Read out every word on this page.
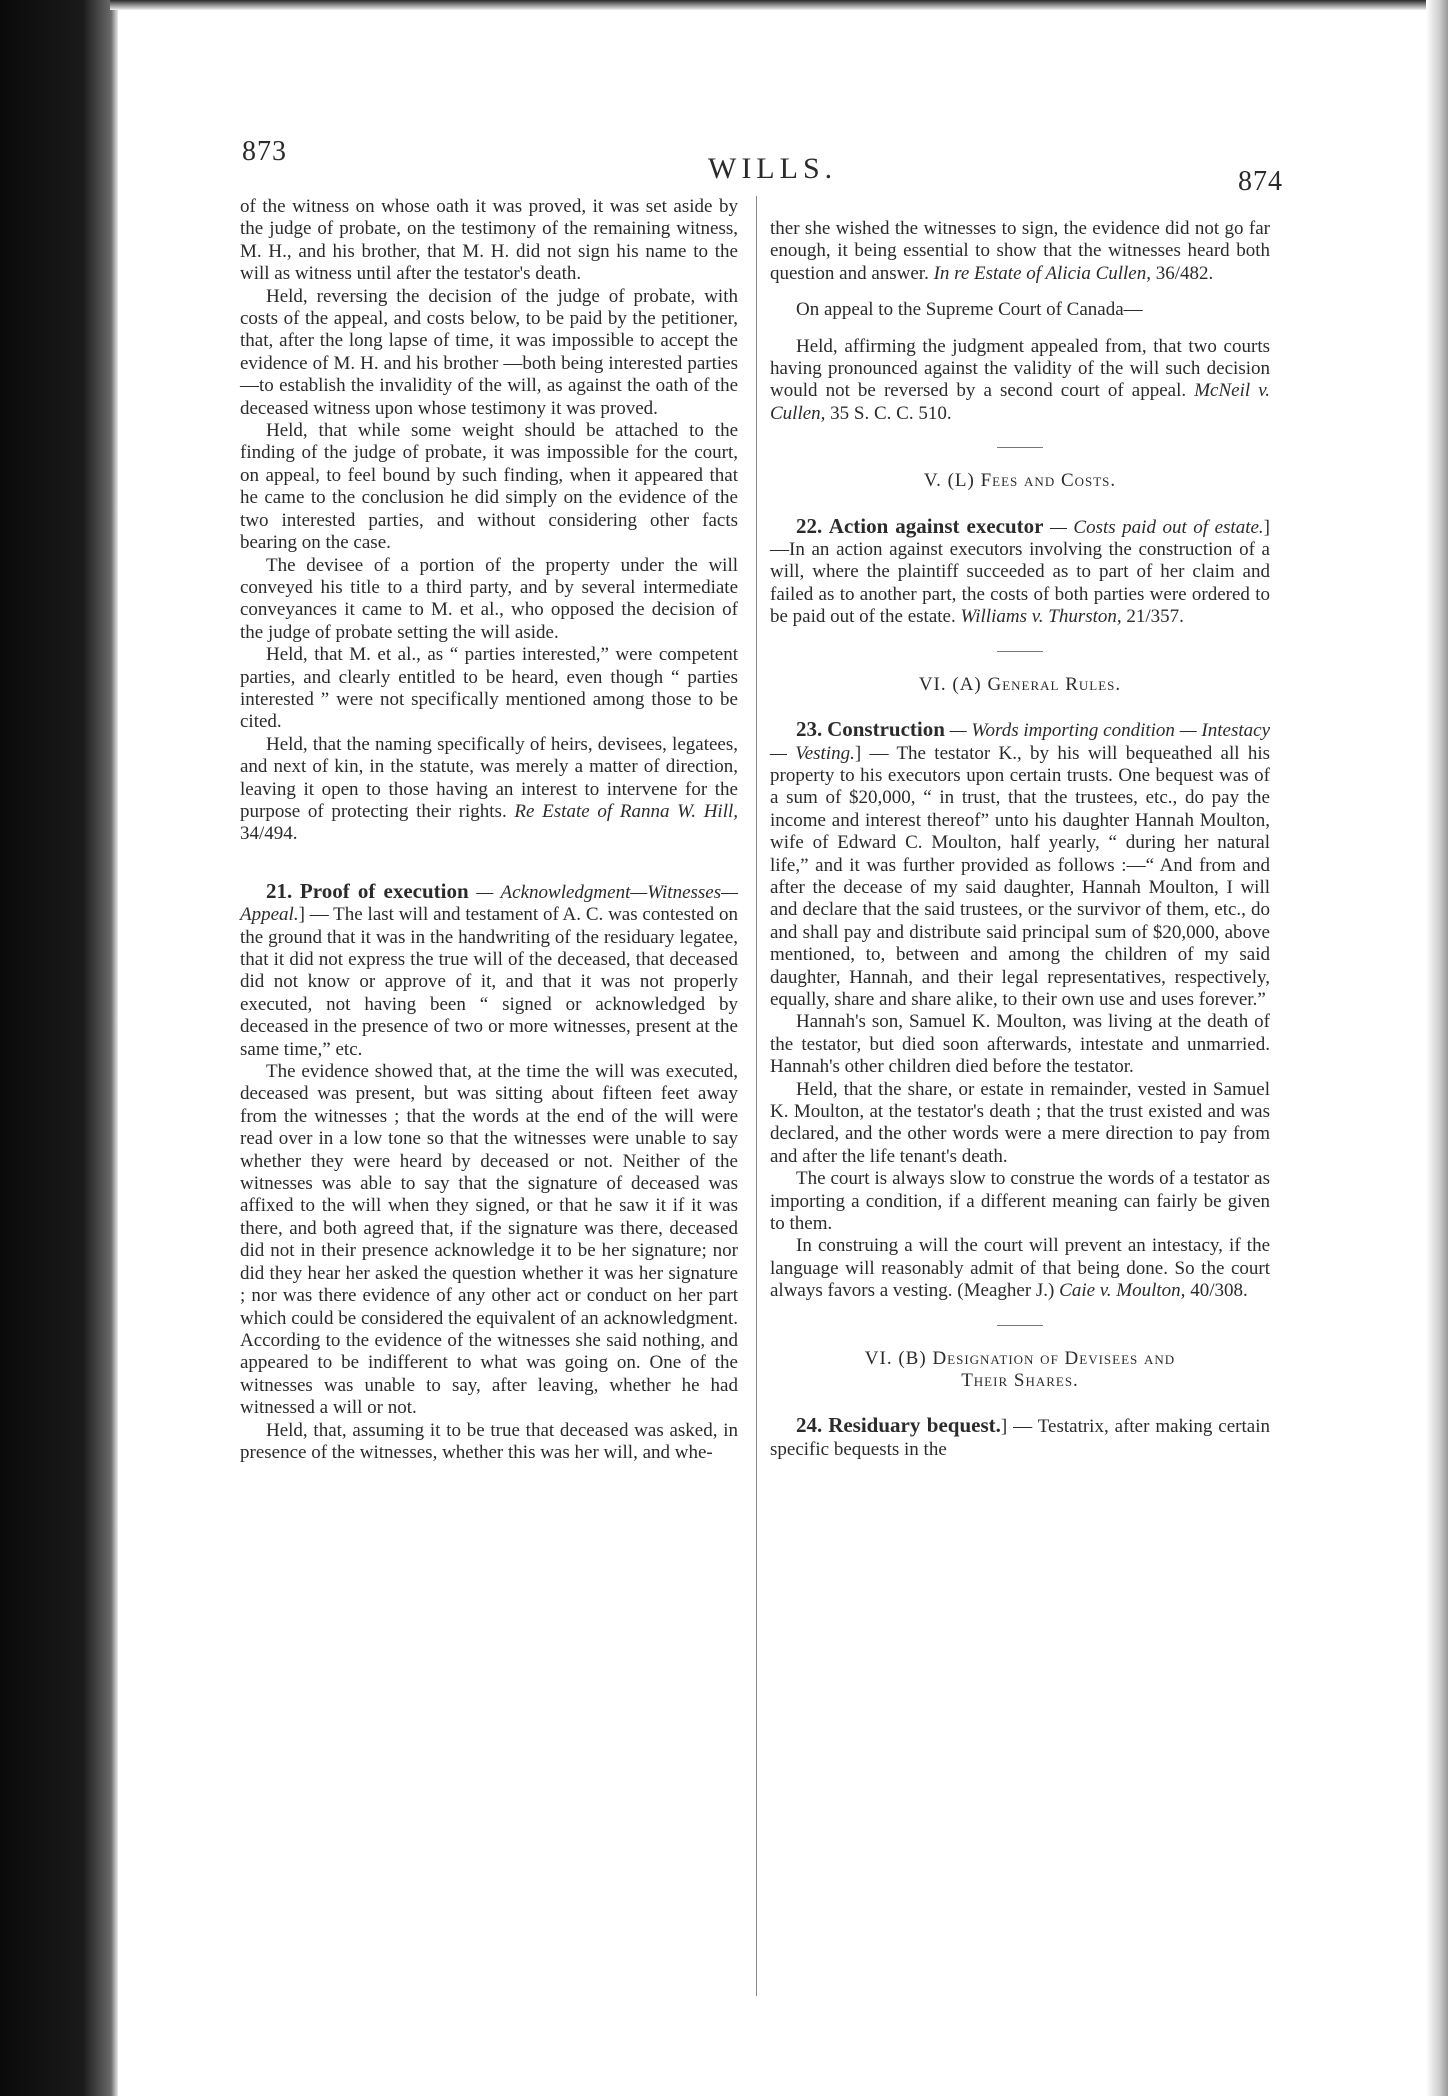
873
WILLS.	874

of the witness on whose oath it was proved, it was set aside by the judge of probate, on the testimony of the remaining witness, M. H., and his brother, that M. H. did not sign his name to the will as witness until after the testator's death.

Held, reversing the decision of the judge of probate, with costs of the appeal, and costs below, to be paid by the petitioner, that, after the long lapse of time, it was impossible to accept the evidence of M. H. and his brother —both being interested parties—to establish the invalidity of the will, as against the oath of the deceased witness upon whose testimony it was proved.

Held, that while some weight should be attached to the finding of the judge of probate, it was impossible for the court, on appeal, to feel bound by such finding, when it appeared that he came to the conclusion he did simply on the evidence of the two interested parties, and without considering other facts bearing on the case.

The devisee of a portion of the property under the will conveyed his title to a third party, and by several intermediate conveyances it came to M. et al., who opposed the decision of the judge of probate setting the will aside.

Held, that M. et al., as “ parties interested,” were competent parties, and clearly entitled to be heard, even though “ parties interested ” were not specifically mentioned among those to be cited.

Held, that the naming specifically of heirs, devisees, legatees, and next of kin, in the statute, was merely a matter of direction, leaving it open to those having an interest to intervene for the purpose of protecting their rights. Re Estate of Ranna W. Hill, 34/494.

21. Proof of execution — Acknowledgment—Witnesses—Appeal.] — The last will and testament of A. C. was contested on the ground that it was in the handwriting of the residuary legatee, that it did not express the true will of the deceased, that deceased did not know or approve of it, and that it was not properly executed, not having been “ signed or acknowledged by deceased in the presence of two or more witnesses, present at the same time,” etc.

The evidence showed that, at the time the will was executed, deceased was present, but was sitting about fifteen feet away from the witnesses ; that the words at the end of the will were read over in a low tone so that the witnesses were unable to say whether they were heard by deceased or not. Neither of the witnesses was able to say that the signature of deceased was affixed to the will when they signed, or that he saw it if it was there, and both agreed that, if the signature was there, deceased did not in their presence acknowledge it to be her signature; nor did they hear her asked the question whether it was her signature ; nor was there evidence of any other act or conduct on her part which could be considered the equivalent of an acknowledgment. According to the evidence of the witnesses she said nothing, and appeared to be indifferent to what was going on. One of the witnesses was unable to say, after leaving, whether he had witnessed a will or not.

Held, that, assuming it to be true that deceased was asked, in presence of the witnesses, whether this was her will, and whe-

ther she wished the witnesses to sign, the evidence did not go far enough, it being essential to show that the witnesses heard both question and answer. In re Estate of Alicia Cullen, 36/482.

On appeal to the Supreme Court of Canada—

Held, affirming the judgment appealed from, that two courts having pronounced against the validity of the will such decision would not be reversed by a second court of appeal. McNeil v. Cullen, 35 S. C. C. 510.

V. (L) Fees and Costs.

22. Action against executor — Costs paid out of estate.]—In an action against executors involving the construction of a will, where the plaintiff succeeded as to part of her claim and failed as to another part, the costs of both parties were ordered to be paid out of the estate. Williams v. Thurston, 21/357.

VI. (A) General Rules.

23. Construction — Words importing condition — Intestacy — Vesting.] — The testator K., by his will bequeathed all his property to his executors upon certain trusts. One bequest was of a sum of $20,000, “ in trust, that the trustees, etc., do pay the income and interest thereof” unto his daughter Hannah Moulton, wife of Edward C. Moulton, half yearly, “ during her natural life,” and it was further provided as follows :—“ And from and after the decease of my said daughter, Hannah Moulton, I will and declare that the said trustees, or the survivor of them, etc., do and shall pay and distribute said principal sum of $20,000, above mentioned, to, between and among the children of my said daughter, Hannah, and their legal representatives, respectively, equally, share and share alike, to their own use and uses forever.”

Hannah's son, Samuel K. Moulton, was living at the death of the testator, but died soon afterwards, intestate and unmarried. Hannah's other children died before the testator.

Held, that the share, or estate in remainder, vested in Samuel K. Moulton, at the testator's death ; that the trust existed and was declared, and the other words were a mere direction to pay from and after the life tenant's death.

The court is always slow to construe the words of a testator as importing a condition, if a different meaning can fairly be given to them.

In construing a will the court will prevent an intestacy, if the language will reasonably admit of that being done. So the court always favors a vesting. (Meagher J.) Caie v. Moulton, 40/308.

VI. (B) Designation of Devisees and
Their Shares.

24. Residuary bequest.] — Testatrix, after making certain specific bequests in the
